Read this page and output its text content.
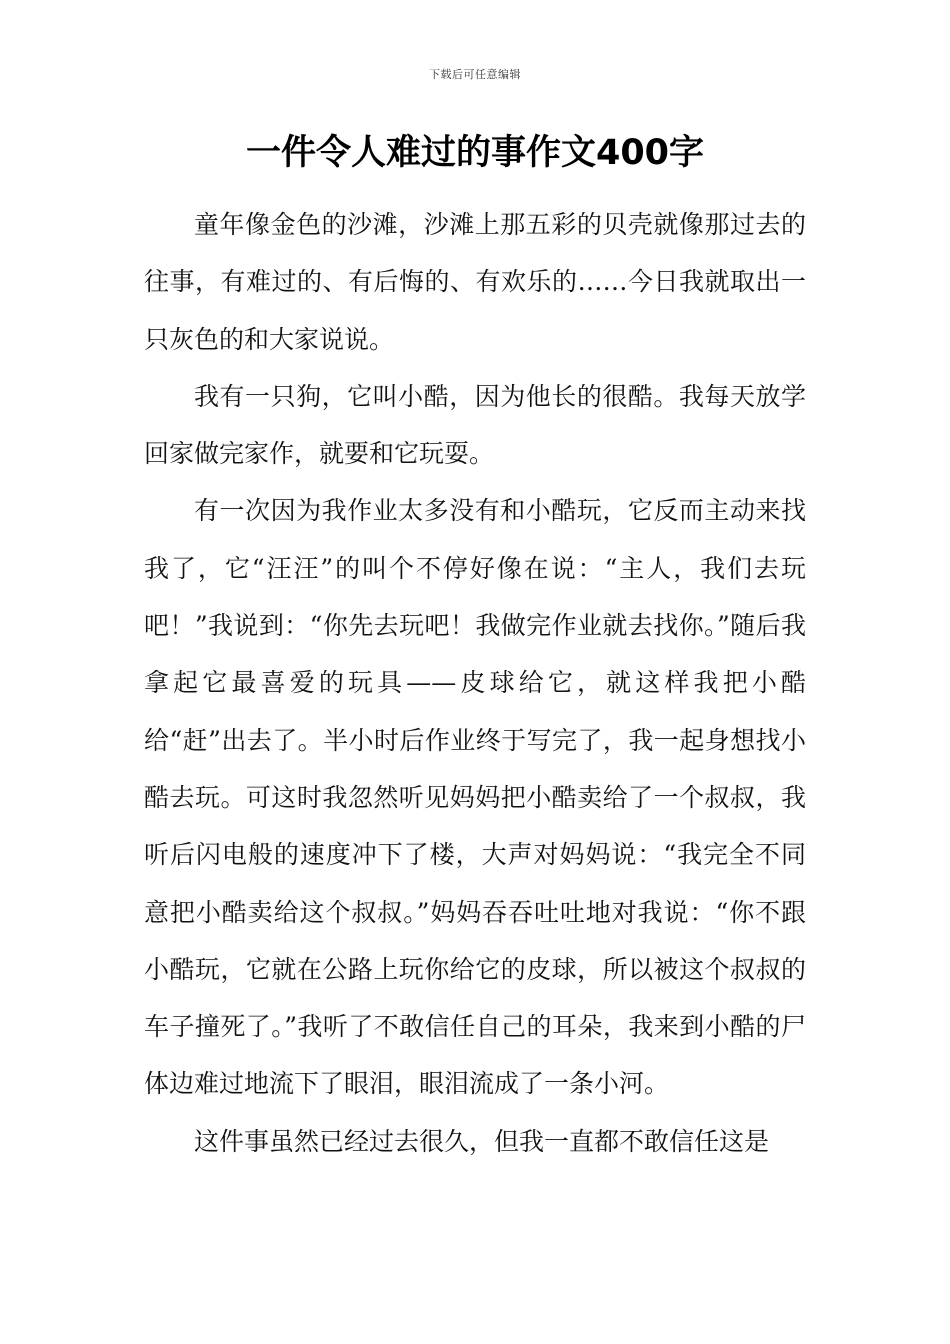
下载后可任意编辑
一件令人难过的事作文400字

童年像金色的沙滩，沙滩上那五彩的贝壳就像那过去的往事，有难过的、有后悔的、有欢乐的……今日我就取出一只灰色的和大家说说。

我有一只狗，它叫小酷，因为他长的很酷。我每天放学回家做完家作，就要和它玩耍。

有一次因为我作业太多没有和小酷玩，它反而主动来找我了，它“汪汪”的叫个不停好像在说：“主人，我们去玩吧！”我说到：“你先去玩吧！我做完作业就去找你。”随后我拿起它最喜爱的玩具——皮球给它，就这样我把小酷给“赶”出去了。半小时后作业终于写完了，我一起身想找小酷去玩。可这时我忽然听见妈妈把小酷卖给了一个叔叔，我听后闪电般的速度冲下了楼，大声对妈妈说：“我完全不同意把小酷卖给这个叔叔。”妈妈吞吞吐吐地对我说：“你不跟小酷玩，它就在公路上玩你给它的皮球，所以被这个叔叔的车子撞死了。”我听了不敢信任自己的耳朵，我来到小酷的尸体边难过地流下了眼泪，眼泪流成了一条小河。

这件事虽然已经过去很久，但我一直都不敢信任这是
